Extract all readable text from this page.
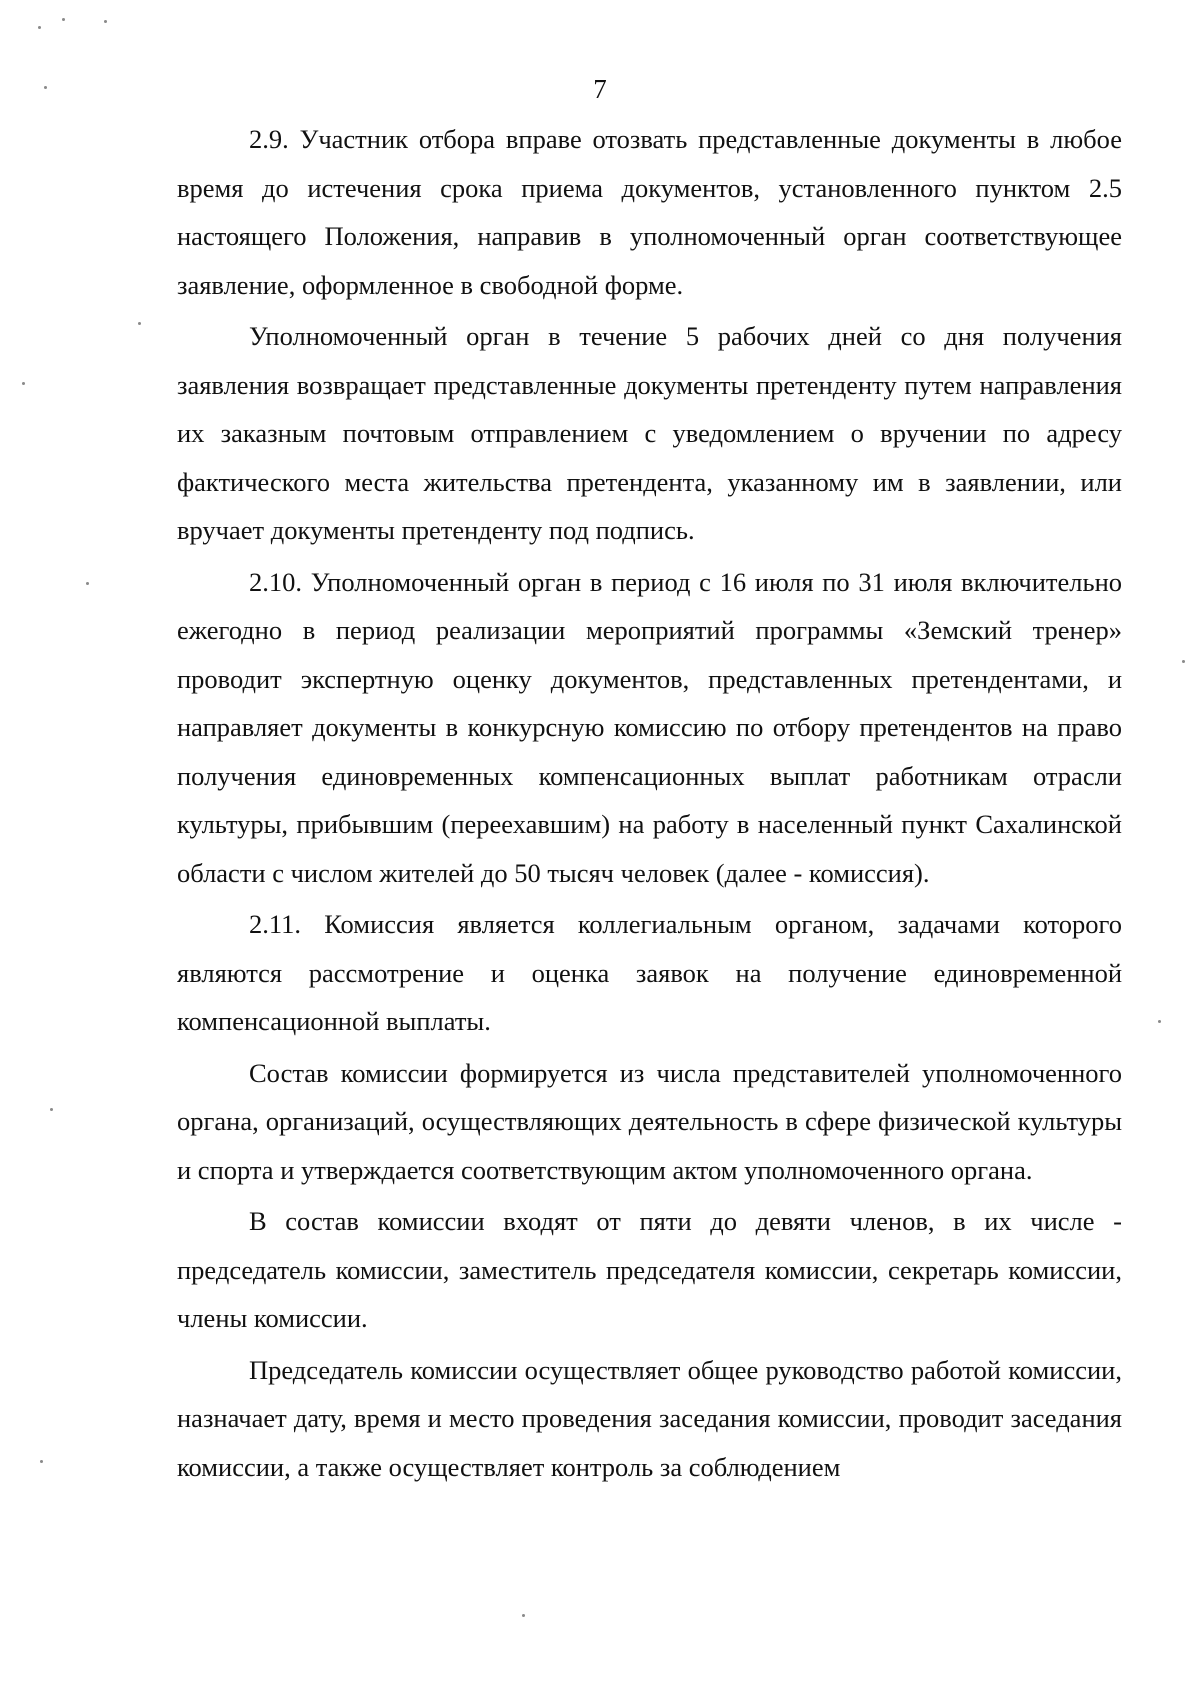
7

2.9. Участник отбора вправе отозвать представленные документы в любое время до истечения срока приема документов, установленного пунктом 2.5 настоящего Положения, направив в уполномоченный орган соответствующее заявление, оформленное в свободной форме.

Уполномоченный орган в течение 5 рабочих дней со дня получения заявления возвращает представленные документы претенденту путем направления их заказным почтовым отправлением с уведомлением о вручении по адресу фактического места жительства претендента, указанному им в заявлении, или вручает документы претенденту под подпись.

2.10. Уполномоченный орган в период с 16 июля по 31 июля включительно ежегодно в период реализации мероприятий программы «Земский тренер» проводит экспертную оценку документов, представленных претендентами, и направляет документы в конкурсную комиссию по отбору претендентов на право получения единовременных компенсационных выплат работникам отрасли культуры, прибывшим (переехавшим) на работу в населенный пункт Сахалинской области с числом жителей до 50 тысяч человек (далее - комиссия).

2.11. Комиссия является коллегиальным органом, задачами которого являются рассмотрение и оценка заявок на получение единовременной компенсационной выплаты.

Состав комиссии формируется из числа представителей уполномоченного органа, организаций, осуществляющих деятельность в сфере физической культуры и спорта и утверждается соответствующим актом уполномоченного органа.

В состав комиссии входят от пяти до девяти членов, в их числе - председатель комиссии, заместитель председателя комиссии, секретарь комиссии, члены комиссии.

Председатель комиссии осуществляет общее руководство работой комиссии, назначает дату, время и место проведения заседания комиссии, проводит заседания комиссии, а также осуществляет контроль за соблюдением
